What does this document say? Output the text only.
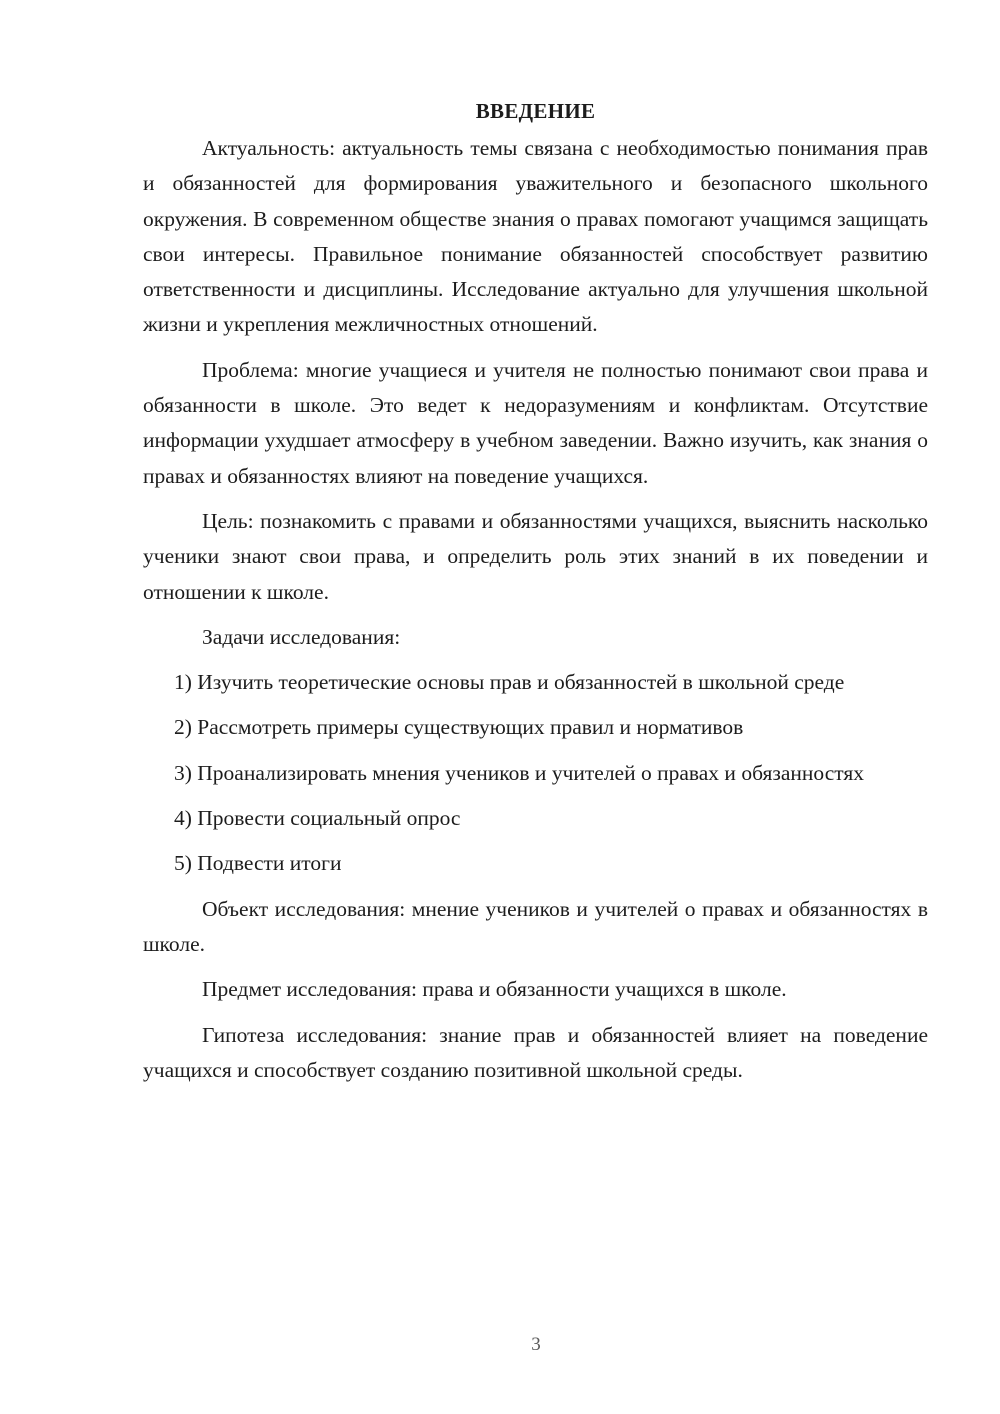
ВВЕДЕНИЕ

Актуальность: актуальность темы связана с необходимостью понимания прав и обязанностей для формирования уважительного и безопасного школьного окружения. В современном обществе знания о правах помогают учащимся защищать свои интересы. Правильное понимание обязанностей способствует развитию ответственности и дисциплины. Исследование актуально для улучшения школьной жизни и укрепления межличностных отношений.

Проблема: многие учащиеся и учителя не полностью понимают свои права и обязанности в школе. Это ведет к недоразумениям и конфликтам. Отсутствие информации ухудшает атмосферу в учебном заведении. Важно изучить, как знания о правах и обязанностях влияют на поведение учащихся.

Цель: познакомить с правами и обязанностями учащихся, выяснить насколько ученики знают свои права, и определить роль этих знаний в их поведении и отношении к школе.

Задачи исследования:

1) Изучить теоретические основы прав и обязанностей в школьной среде

2) Рассмотреть примеры существующих правил и нормативов

3) Проанализировать мнения учеников и учителей о правах и обязанностях

4) Провести социальный опрос

5) Подвести итоги

Объект исследования: мнение учеников и учителей о правах и обязанностях в школе.

Предмет исследования: права и обязанности учащихся в школе.

Гипотеза исследования: знание прав и обязанностей влияет на поведение учащихся и способствует созданию позитивной школьной среды.

3
